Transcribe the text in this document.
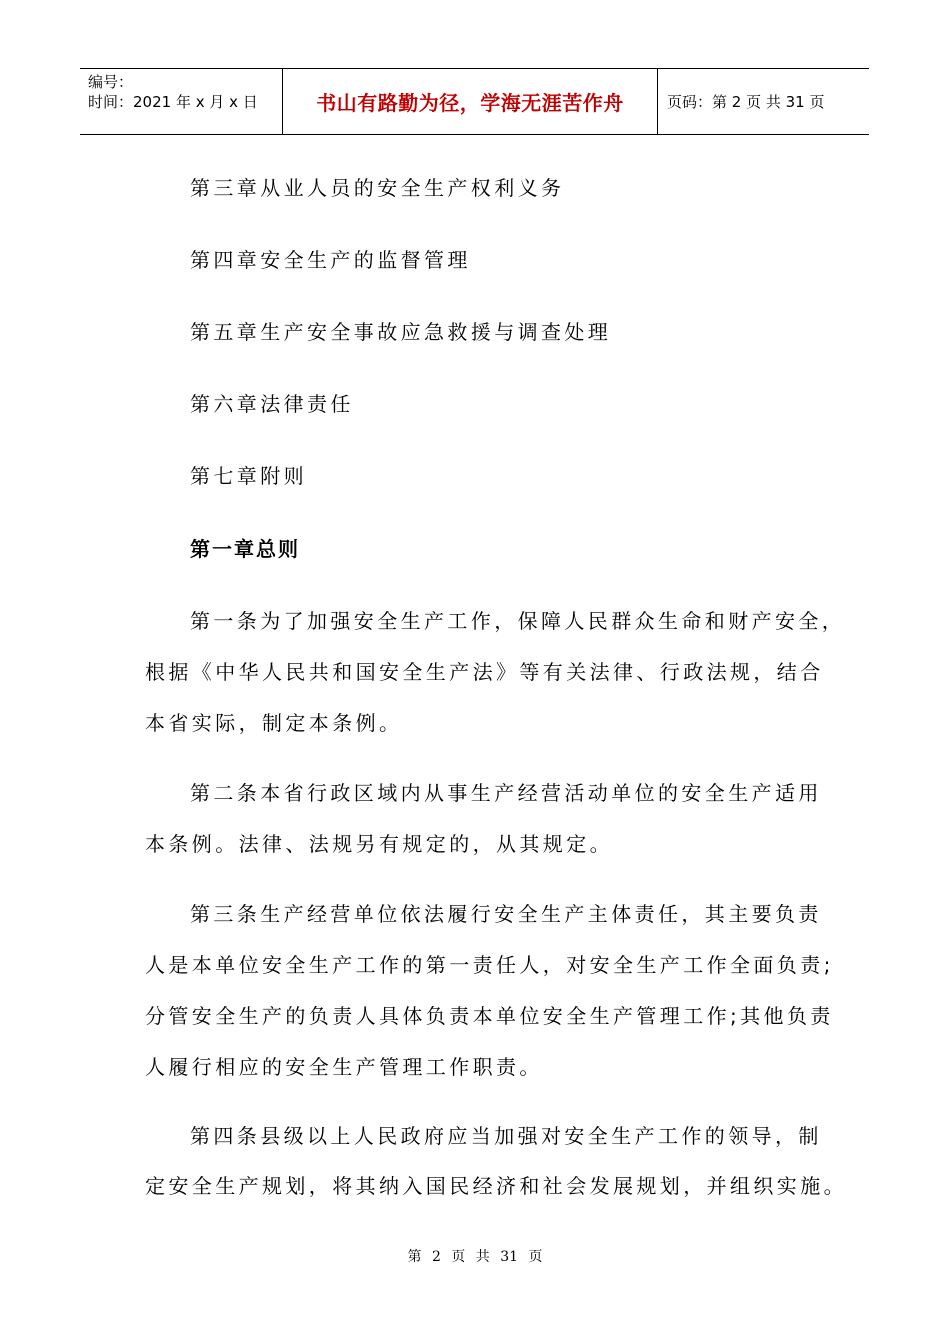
编号：
时间：2021 年 x 月 x 日	书山有路勤为径，学海无涯苦作舟	页码：第 2 页 共 31 页
第三章从业人员的安全生产权利义务
第四章安全生产的监督管理
第五章生产安全事故应急救援与调查处理
第六章法律责任
第七章附则
第一章总则
第一条为了加强安全生产工作，保障人民群众生命和财产安全，
根据《中华人民共和国安全生产法》等有关法律、行政法规，结合
本省实际，制定本条例。
第二条本省行政区域内从事生产经营活动单位的安全生产适用
本条例。法律、法规另有规定的，从其规定。
第三条生产经营单位依法履行安全生产主体责任，其主要负责
人是本单位安全生产工作的第一责任人，对安全生产工作全面负责;
分管安全生产的负责人具体负责本单位安全生产管理工作;其他负责
人履行相应的安全生产管理工作职责。
第四条县级以上人民政府应当加强对安全生产工作的领导，制
定安全生产规划，将其纳入国民经济和社会发展规划，并组织实施。
第 2 页 共 31 页
